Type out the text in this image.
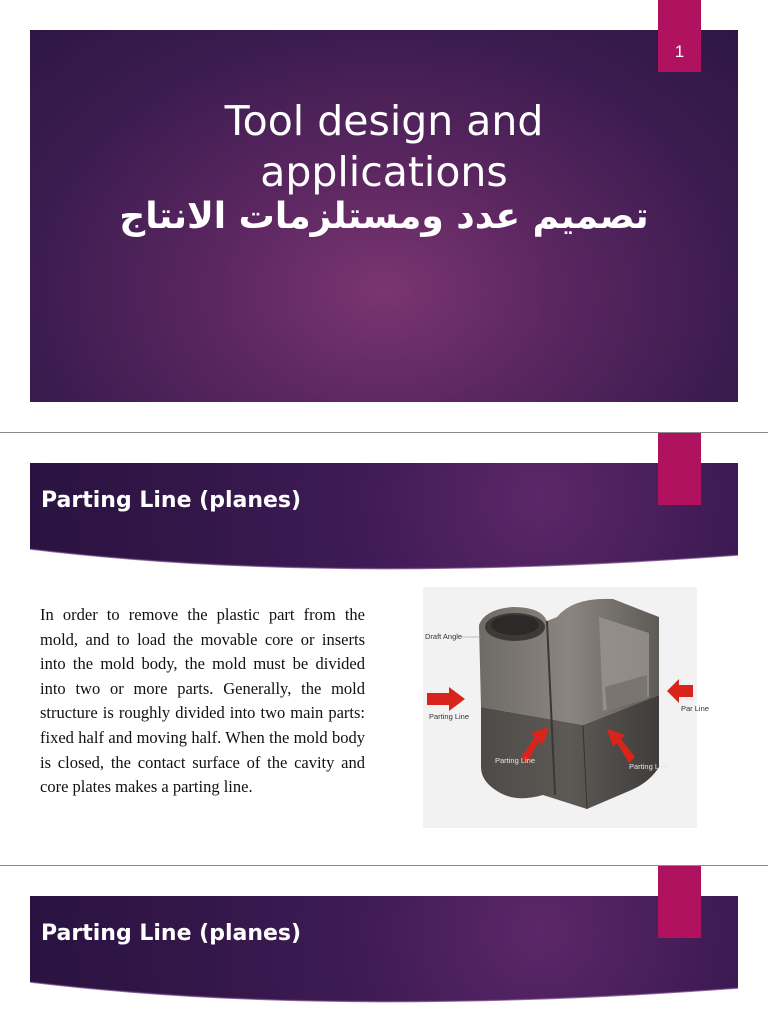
1
Tool design and applications
تصميم عدد ومستلزمات الانتاج
Parting Line (planes)
In order to remove the plastic part from the mold, and to load the movable core or inserts into the mold body, the mold must be divided into two or more parts. Generally, the mold structure is roughly divided into two main parts: fixed half and moving half. When the mold body is closed, the contact surface of the cavity and core plates makes a parting line.
Draft Angle
Parting Line
Parting Line
Parting Line
Par Line
Parting Line (planes)
